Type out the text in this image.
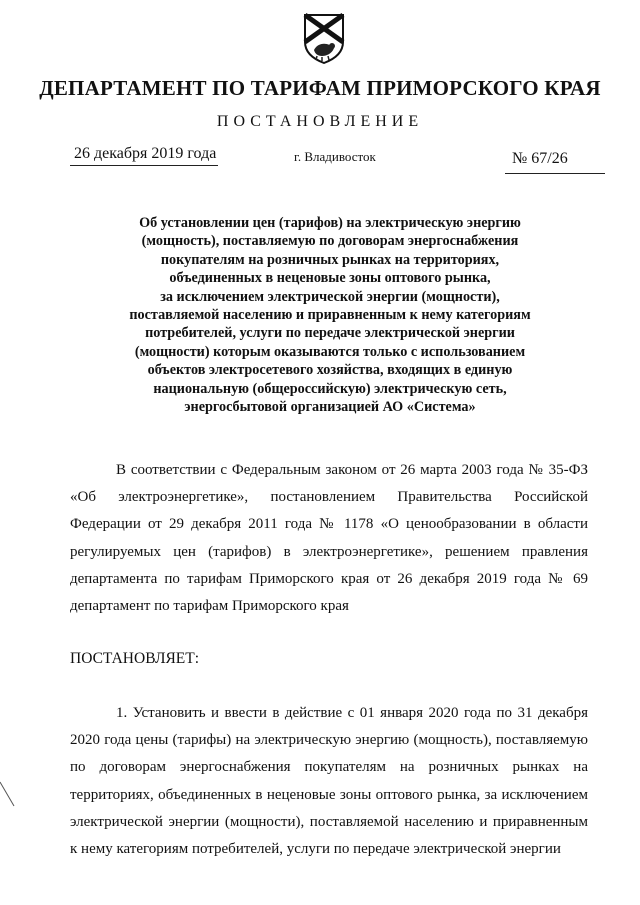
ДЕПАРТАМЕНТ ПО ТАРИФАМ ПРИМОРСКОГО КРАЯ
ПОСТАНОВЛЕНИЕ
26 декабря 2019 года	г. Владивосток	№ 67/26
Об установлении цен (тарифов) на электрическую энергию
(мощность), поставляемую по договорам энергоснабжения
покупателям на розничных рынках на территориях,
объединенных в неценовые зоны оптового рынка,
за исключением электрической энергии (мощности),
поставляемой населению и приравненным к нему категориям
потребителей, услуги по передаче электрической энергии
(мощности) которым оказываются только с использованием
объектов электросетевого хозяйства, входящих в единую
национальную (общероссийскую) электрическую сеть,
энергосбытовой организацией АО «Система»
В соответствии с Федеральным законом от 26 марта 2003 года № 35-ФЗ «Об электроэнергетике», постановлением Правительства Российской Федерации от 29 декабря 2011 года № 1178 «О ценообразовании в области регулируемых цен (тарифов) в электроэнергетике», решением правления департамента по тарифам Приморского края от 26 декабря 2019 года № 69 департамент по тарифам Приморского края
ПОСТАНОВЛЯЕТ:
1. Установить и ввести в действие с 01 января 2020 года по 31 декабря 2020 года цены (тарифы) на электрическую энергию (мощность), поставляемую по договорам энергоснабжения покупателям на розничных рынках на территориях, объединенных в неценовые зоны оптового рынка, за исключением электрической энергии (мощности), поставляемой населению и приравненным к нему категориям потребителей, услуги по передаче электрической энергии
